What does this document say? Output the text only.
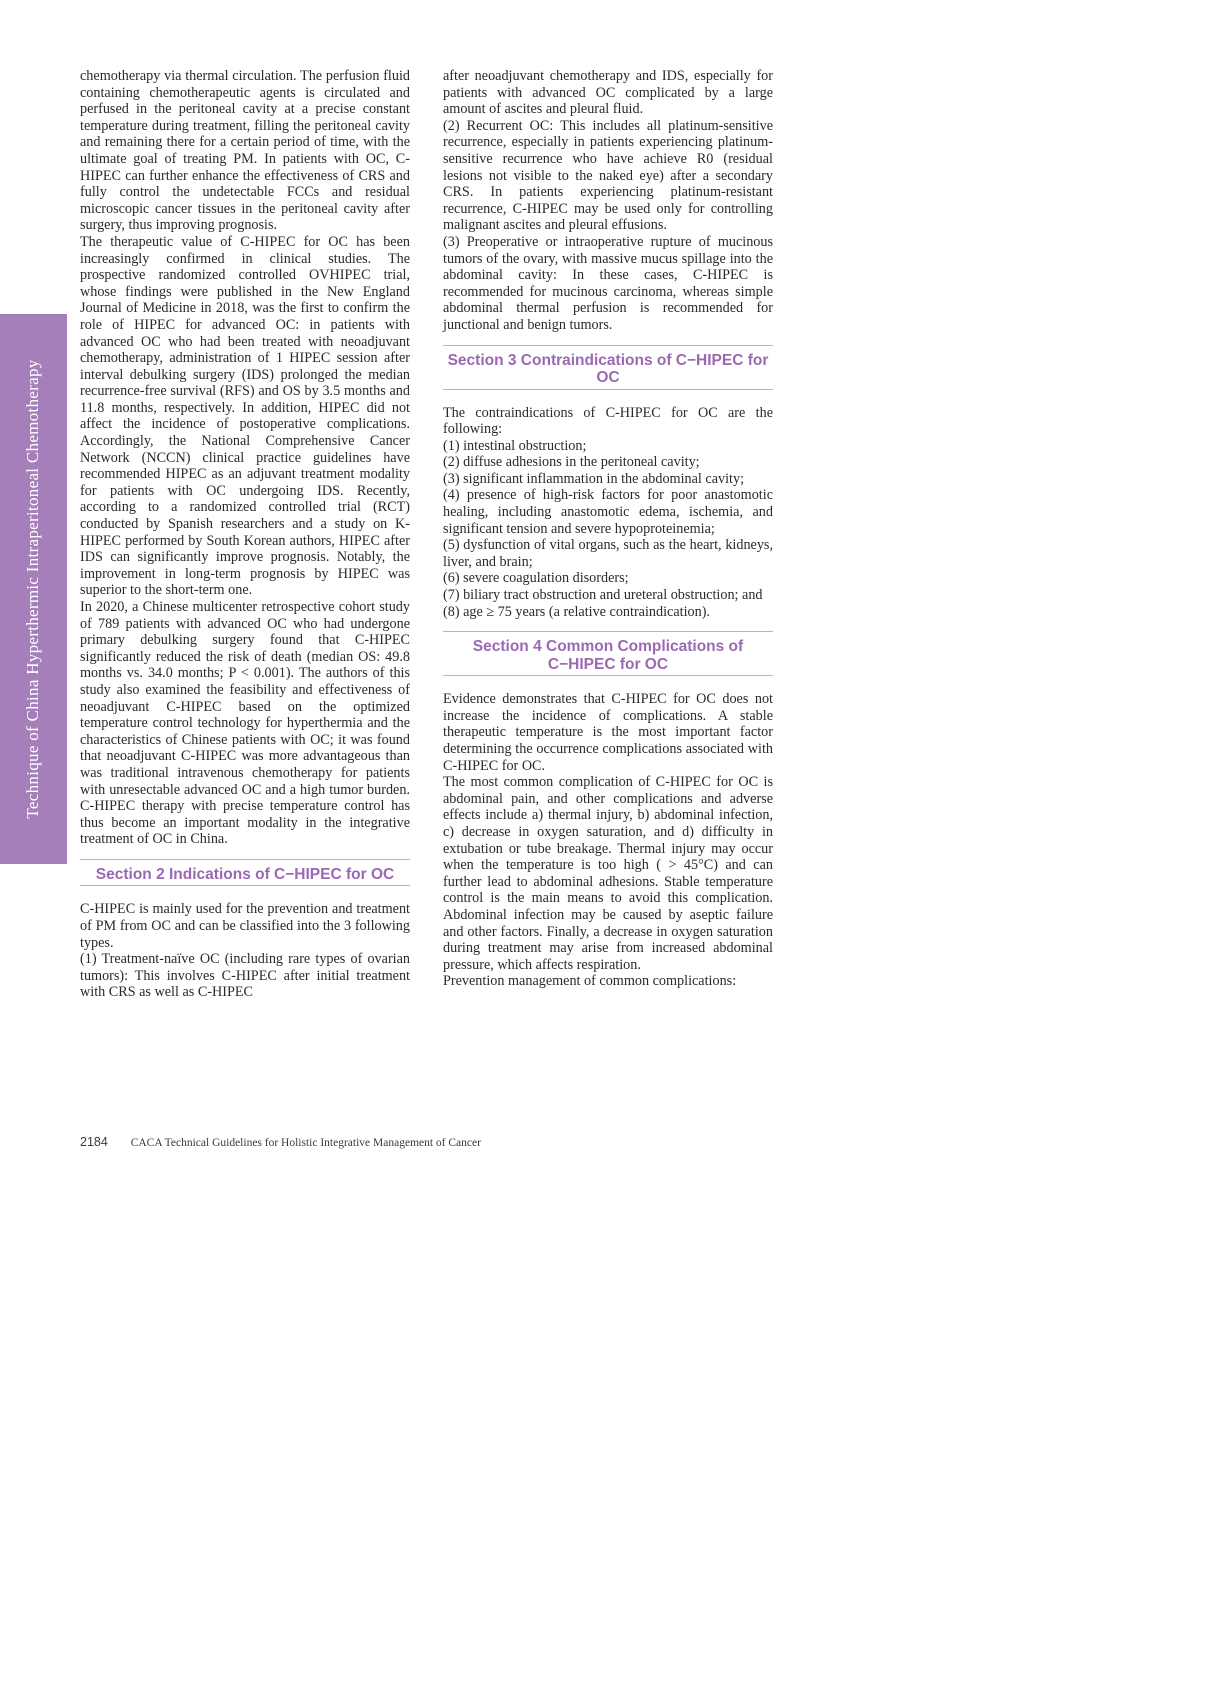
Technique of China Hyperthermic Intraperitoneal Chemotherapy

chemotherapy via thermal circulation. The perfusion fluid containing chemotherapeutic agents is circulated and perfused in the peritoneal cavity at a precise constant temperature during treatment, filling the peritoneal cavity and remaining there for a certain period of time, with the ultimate goal of treating PM. In patients with OC, C-HIPEC can further enhance the effectiveness of CRS and fully control the undetectable FCCs and residual microscopic cancer tissues in the peritoneal cavity after surgery, thus improving prognosis.

The therapeutic value of C-HIPEC for OC has been increasingly confirmed in clinical studies. The prospective randomized controlled OVHIPEC trial, whose findings were published in the New England Journal of Medicine in 2018, was the first to confirm the role of HIPEC for advanced OC: in patients with advanced OC who had been treated with neoadjuvant chemotherapy, administration of 1 HIPEC session after interval debulking surgery (IDS) prolonged the median recurrence-free survival (RFS) and OS by 3.5 months and 11.8 months, respectively. In addition, HIPEC did not affect the incidence of postoperative complications. Accordingly, the National Comprehensive Cancer Network (NCCN) clinical practice guidelines have recommended HIPEC as an adjuvant treatment modality for patients with OC undergoing IDS. Recently, according to a randomized controlled trial (RCT) conducted by Spanish researchers and a study on K-HIPEC performed by South Korean authors, HIPEC after IDS can significantly improve prognosis. Notably, the improvement in long-term prognosis by HIPEC was superior to the short-term one.

In 2020, a Chinese multicenter retrospective cohort study of 789 patients with advanced OC who had undergone primary debulking surgery found that C-HIPEC significantly reduced the risk of death (median OS: 49.8 months vs. 34.0 months; P < 0.001). The authors of this study also examined the feasibility and effectiveness of neoadjuvant C-HIPEC based on the optimized temperature control technology for hyperthermia and the characteristics of Chinese patients with OC; it was found that neoadjuvant C-HIPEC was more advantageous than was traditional intravenous chemotherapy for patients with unresectable advanced OC and a high tumor burden. C-HIPEC therapy with precise temperature control has thus become an important modality in the integrative treatment of OC in China.

Section 2 Indications of C−HIPEC for OC

C-HIPEC is mainly used for the prevention and treatment of PM from OC and can be classified into the 3 following types.

(1) Treatment-naïve OC (including rare types of ovarian tumors): This involves C-HIPEC after initial treatment with CRS as well as C-HIPEC

after neoadjuvant chemotherapy and IDS, especially for patients with advanced OC complicated by a large amount of ascites and pleural fluid.

(2) Recurrent OC: This includes all platinum-sensitive recurrence, especially in patients experiencing platinum-sensitive recurrence who have achieve R0 (residual lesions not visible to the naked eye) after a secondary CRS. In patients experiencing platinum-resistant recurrence, C-HIPEC may be used only for controlling malignant ascites and pleural effusions.

(3) Preoperative or intraoperative rupture of mucinous tumors of the ovary, with massive mucus spillage into the abdominal cavity: In these cases, C-HIPEC is recommended for mucinous carcinoma, whereas simple abdominal thermal perfusion is recommended for junctional and benign tumors.

Section 3 Contraindications of C−HIPEC for OC

The contraindications of C-HIPEC for OC are the following:

(1) intestinal obstruction;

(2) diffuse adhesions in the peritoneal cavity;

(3) significant inflammation in the abdominal cavity;

(4) presence of high-risk factors for poor anastomotic healing, including anastomotic edema, ischemia, and significant tension and severe hypoproteinemia;

(5) dysfunction of vital organs, such as the heart, kidneys, liver, and brain;

(6) severe coagulation disorders;

(7) biliary tract obstruction and ureteral obstruction; and

(8) age ≥ 75 years (a relative contraindication).

Section 4 Common Complications of C−HIPEC for OC

Evidence demonstrates that C-HIPEC for OC does not increase the incidence of complications. A stable therapeutic temperature is the most important factor determining the occurrence complications associated with C-HIPEC for OC.

The most common complication of C-HIPEC for OC is abdominal pain, and other complications and adverse effects include a) thermal injury, b) abdominal infection, c) decrease in oxygen saturation, and d) difficulty in extubation or tube breakage. Thermal injury may occur when the temperature is too high ( > 45°C) and can further lead to abdominal adhesions. Stable temperature control is the main means to avoid this complication. Abdominal infection may be caused by aseptic failure and other factors. Finally, a decrease in oxygen saturation during treatment may arise from increased abdominal pressure, which affects respiration.

Prevention management of common complications:

2184 CACA Technical Guidelines for Holistic Integrative Management of Cancer
